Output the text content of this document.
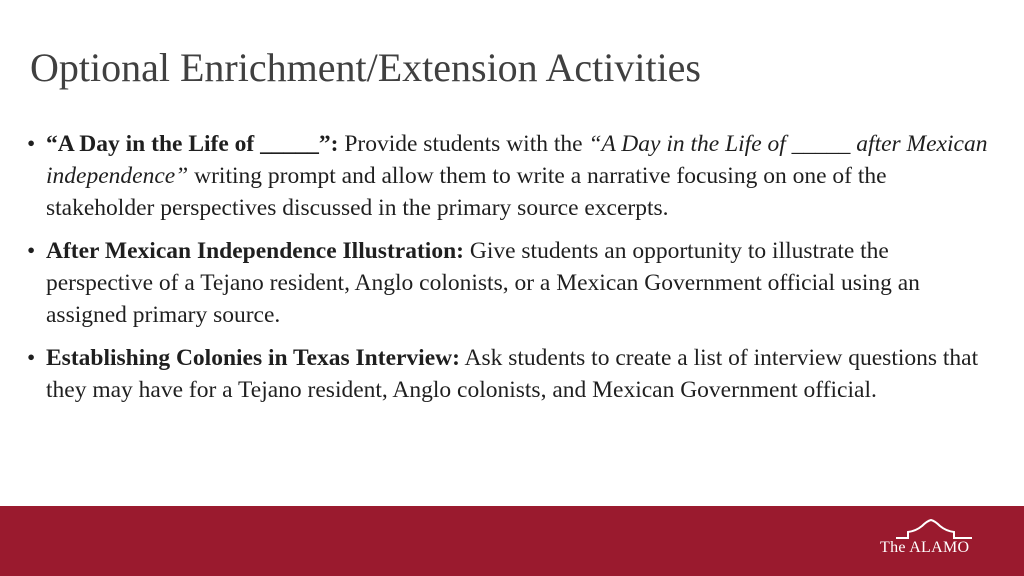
Optional Enrichment/Extension Activities
• “A Day in the Life of _____”: Provide students with the “A Day in the Life of _____ after Mexican independence” writing prompt and allow them to write a narrative focusing on one of the stakeholder perspectives discussed in the primary source excerpts.
• After Mexican Independence Illustration: Give students an opportunity to illustrate the perspective of a Tejano resident, Anglo colonists, or a Mexican Government official using an assigned primary source.
• Establishing Colonies in Texas Interview: Ask students to create a list of interview questions that they may have for a Tejano resident, Anglo colonists, and Mexican Government official.
The ALAMO
